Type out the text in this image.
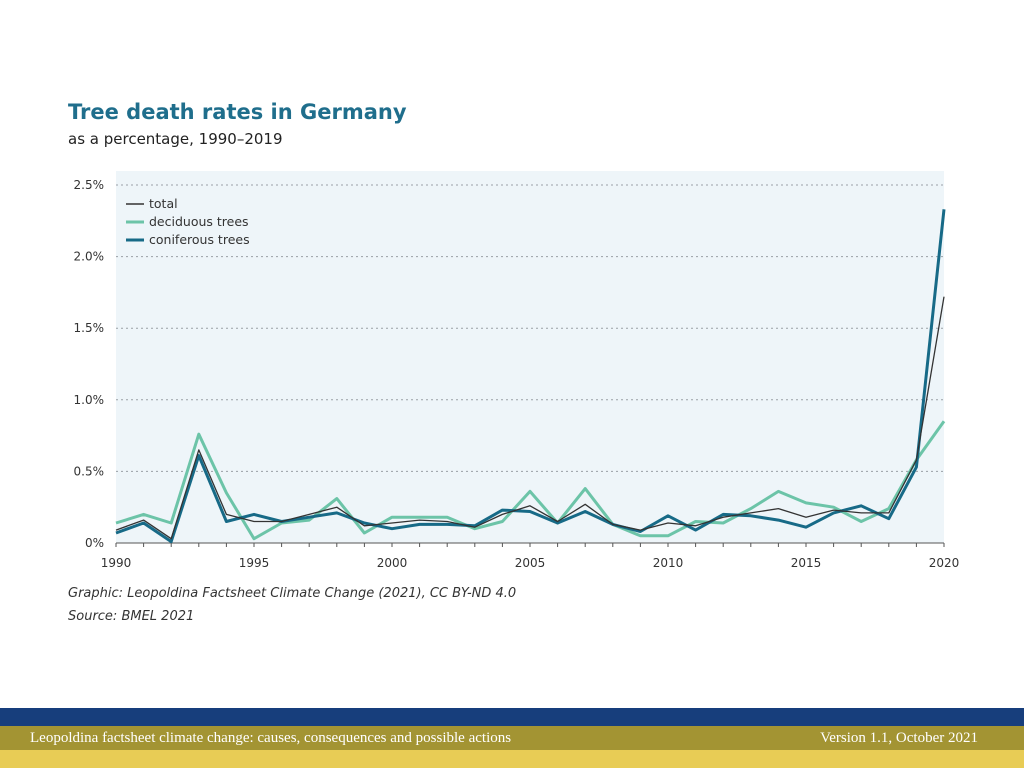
Tree death rates in Germany

as a percentage, 1990–2019

0%
0.5%
1.0%
1.5%
2.0%
2.5%
1990	1995	2000	2005	2010	2015	2020
total
deciduous trees
coniferous trees

Graphic: Leopoldina Factsheet Climate Change (2021), CC BY-ND 4.0

Source: BMEL 2021

Leopoldina factsheet climate change: causes, consequences and possible actions	Version 1.1, October 2021
